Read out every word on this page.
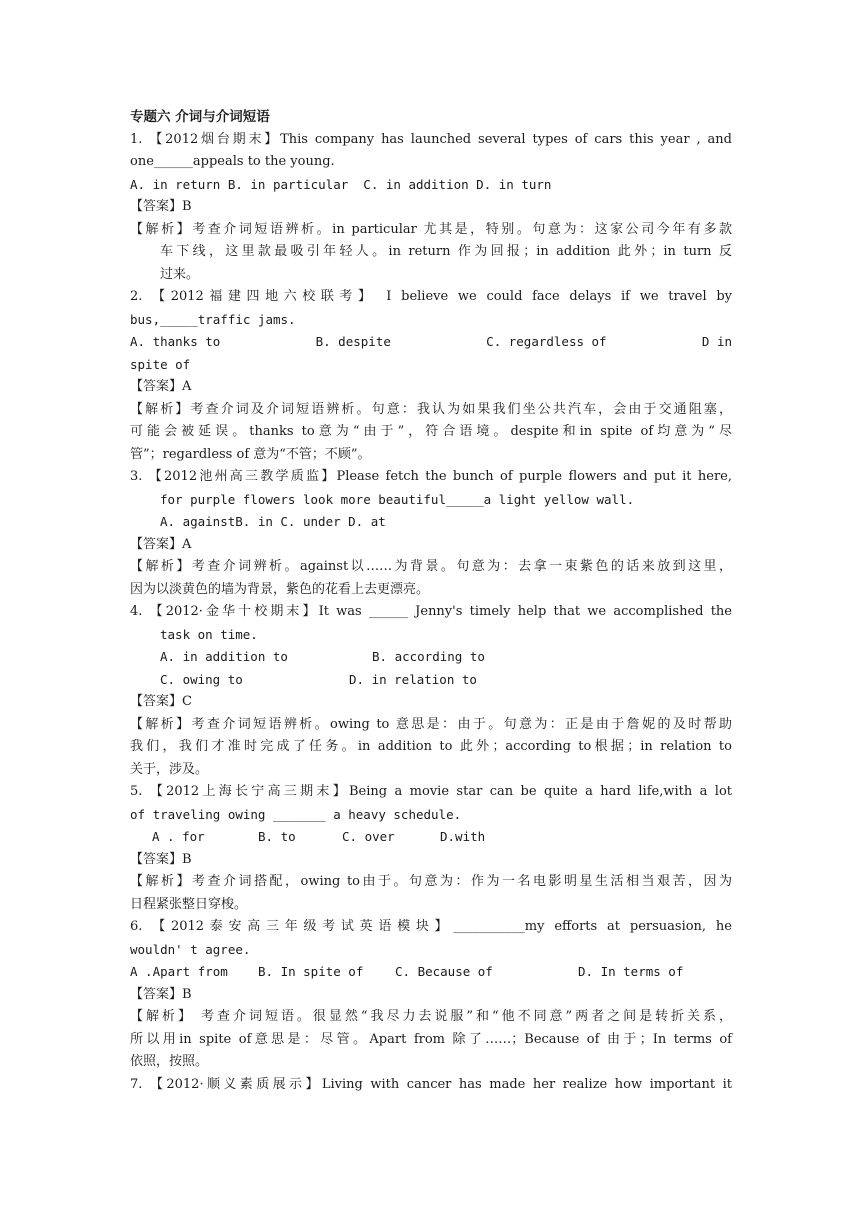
专题六 介词与介词短语
1. 【2012烟台期末】This company has launched several types of cars this year , and
one______appeals to the young.
A. in return B. in particular  C. in addition D. in turn
【答案】B
【解析】考查介词短语辨析。in particular 尤其是，特别。句意为：这家公司今年有多款
车下线，这里款最吸引年轻人。in return 作为回报；in addition 此外；in turn 反
过来。
2. 【2012福建四地六校联考】 I believe we could face delays if we travel by
bus,_____traffic jams.
A. thanks to	B. despite	C. regardless of	D in
spite of
【答案】A
【解析】考查介词及介词短语辨析。句意：我认为如果我们坐公共汽车，会由于交通阻塞，
可能会被延误。thanks to意为“由于”，符合语境。despite和in spite of均意为“尽
管”；regardless of 意为“不管；不顾”。
3. 【2012池州高三教学质监】Please fetch the bunch of purple flowers and put it here,
for purple flowers look more beautiful_____a light yellow wall.
A. againstB. in C. under D. at
【答案】A
【解析】考查介词辨析。against以……为背景。句意为：去拿一束紫色的话来放到这里，
因为以淡黄色的墙为背景，紫色的花看上去更漂亮。
4. 【2012·金华十校期末】It was ______ Jenny's timely help that we accomplished the
task on time.
A. in addition to	B. according to
C. owing to	D. in relation to
【答案】C
【解析】考查介词短语辨析。owing to 意思是：由于。句意为：正是由于詹妮的及时帮助
我们，我们才准时完成了任务。in addition to 此外；according to根据；in relation to
关于，涉及。
5. 【2012上海长宁高三期末】Being a movie star can be quite a hard life,with a lot
of traveling owing _______ a heavy schedule.
A . for	B. to	C. over	D.with
【答案】B
【解析】考查介词搭配，owing to由于。句意为：作为一名电影明星生活相当艰苦，因为
日程紧张整日穿梭。
6. 【2012泰安高三年级考试英语模块】___________my efforts at persuasion, he
wouldn' t agree.
A .Apart from	B. In spite of	C. Because of	D. In terms of
【答案】B
【解析】 考查介词短语。很显然“我尽力去说服”和“他不同意”两者之间是转折关系，
所以用in spite of意思是：尽管。Apart from 除了……；Because of 由于；In terms of
依照，按照。
7. 【2012·顺义素质展示】Living with cancer has made her realize how important it
